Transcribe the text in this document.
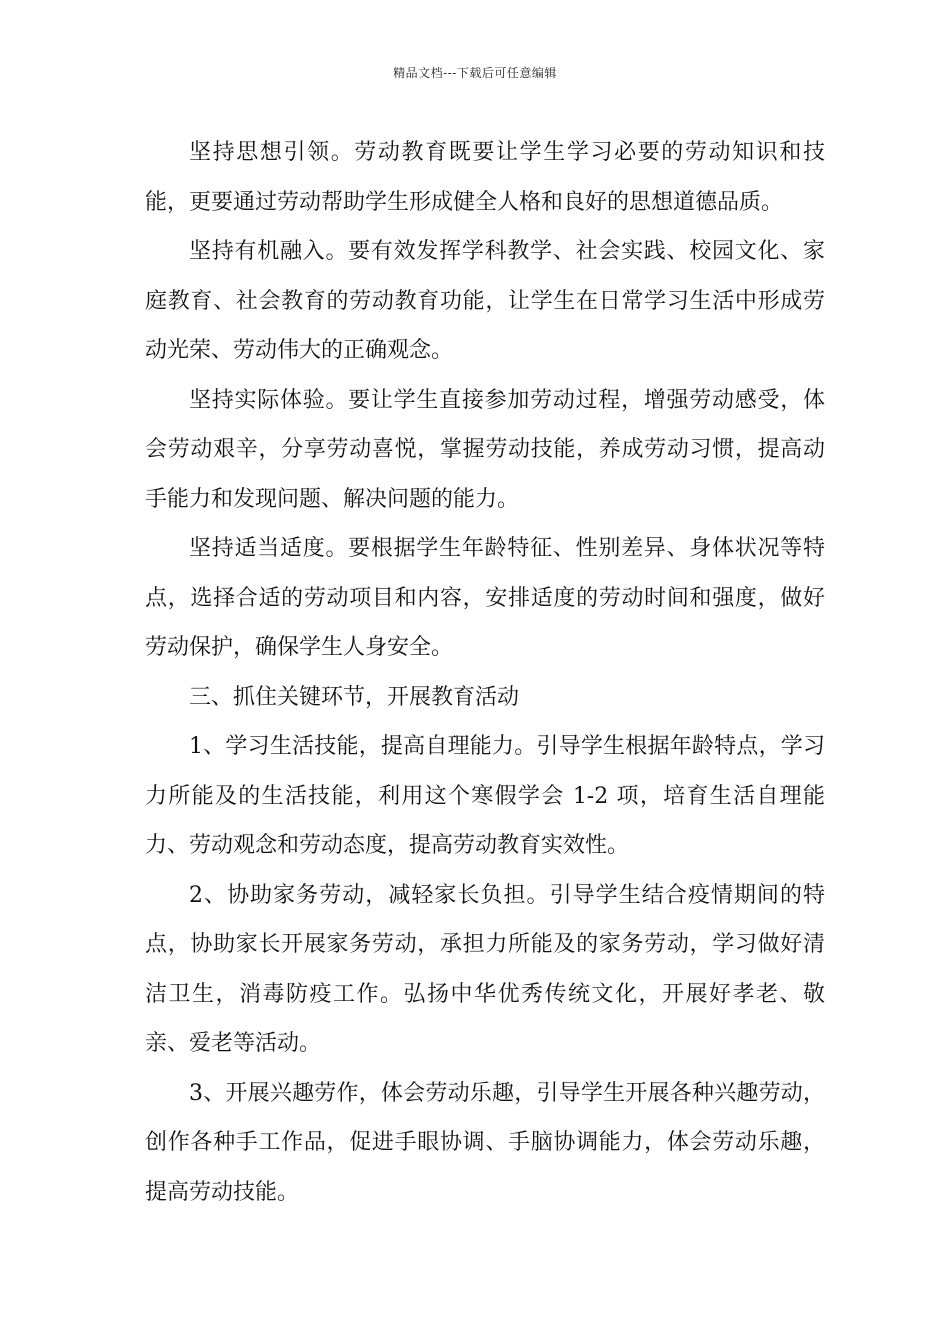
精品文档---下载后可任意编辑

坚持思想引领。劳动教育既要让学生学习必要的劳动知识和技能，更要通过劳动帮助学生形成健全人格和良好的思想道德品质。

坚持有机融入。要有效发挥学科教学、社会实践、校园文化、家庭教育、社会教育的劳动教育功能，让学生在日常学习生活中形成劳动光荣、劳动伟大的正确观念。

坚持实际体验。要让学生直接参加劳动过程，增强劳动感受，体会劳动艰辛，分享劳动喜悦，掌握劳动技能，养成劳动习惯，提高动手能力和发现问题、解决问题的能力。

坚持适当适度。要根据学生年龄特征、性别差异、身体状况等特点，选择合适的劳动项目和内容，安排适度的劳动时间和强度，做好劳动保护，确保学生人身安全。

三、抓住关键环节，开展教育活动

1、学习生活技能，提高自理能力。引导学生根据年龄特点，学习力所能及的生活技能，利用这个寒假学会 1-2 项，培育生活自理能力、劳动观念和劳动态度，提高劳动教育实效性。

2、协助家务劳动，减轻家长负担。引导学生结合疫情期间的特点，协助家长开展家务劳动，承担力所能及的家务劳动，学习做好清洁卫生，消毒防疫工作。弘扬中华优秀传统文化，开展好孝老、敬亲、爱老等活动。

3、开展兴趣劳作，体会劳动乐趣，引导学生开展各种兴趣劳动，创作各种手工作品，促进手眼协调、手脑协调能力，体会劳动乐趣，提高劳动技能。
